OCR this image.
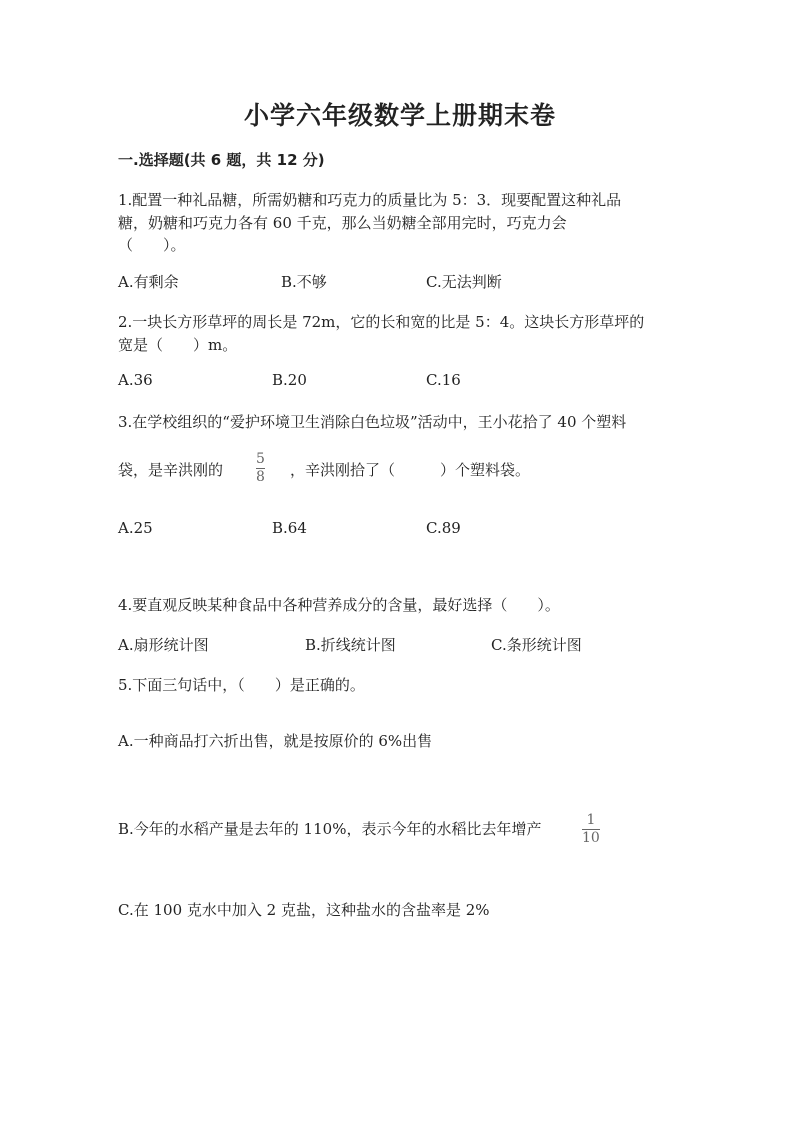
小学六年级数学上册期末卷
一.选择题(共 6 题，共 12 分)
1.配置一种礼品糖，所需奶糖和巧克力的质量比为 5：3．现要配置这种礼品
糖，奶糖和巧克力各有 60 千克，那么当奶糖全部用完时，巧克力会
（　　）。
A.有剩余	B.不够	C.无法判断
2.一块长方形草坪的周长是 72m，它的长和宽的比是 5：4。这块长方形草坪的
宽是（　　）m。
A.36	B.20	C.16
3.在学校组织的“爱护环境卫生消除白色垃圾”活动中，王小花拾了 40 个塑料
袋，是辛洪刚的
5
8 ，辛洪刚拾了（　　　）个塑料袋。
A.25	B.64	C.89
4.要直观反映某种食品中各种营养成分的含量，最好选择（　　）。
A.扇形统计图	B.折线统计图	C.条形统计图
5.下面三句话中，（　　）是正确的。
A.一种商品打六折出售，就是按原价的 6%出售
B.今年的水稻产量是去年的 110%，表示今年的水稻比去年增产	1
10
C.在 100 克水中加入 2 克盐，这种盐水的含盐率是 2%
